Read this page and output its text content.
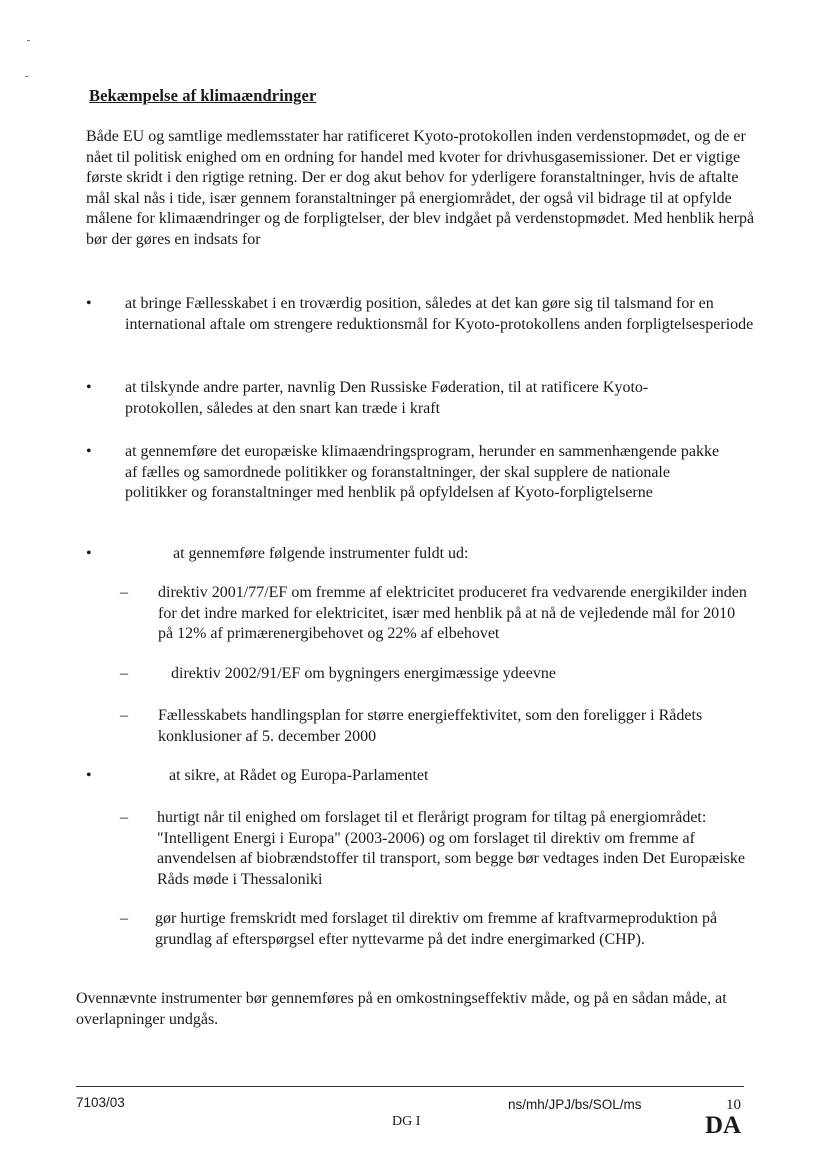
Bekæmpelse af klimaændringer

Både EU og samtlige medlemsstater har ratificeret Kyoto-protokollen inden verdenstopmødet, og de er nået til politisk enighed om en ordning for handel med kvoter for drivhusgasemissioner. Det er vigtige første skridt i den rigtige retning. Der er dog akut behov for yderligere foranstaltninger, hvis de aftalte mål skal nås i tide, især gennem foranstaltninger på energiområdet, der også vil bidrage til at opfylde målene for klimaændringer og de forpligtelser, der blev indgået på verdenstopmødet. Med henblik herpå bør der gøres en indsats for

• at bringe Fællesskabet i en troværdig position, således at det kan gøre sig til talsmand for en international aftale om strengere reduktionsmål for Kyoto-protokollens anden forpligtelsesperiode

• at tilskynde andre parter, navnlig Den Russiske Føderation, til at ratificere Kyoto-protokollen, således at den snart kan træde i kraft

• at gennemføre det europæiske klimaændringsprogram, herunder en sammenhængende pakke af fælles og samordnede politikker og foranstaltninger, der skal supplere de nationale politikker og foranstaltninger med henblik på opfyldelsen af Kyoto-forpligtelserne

•	at gennemføre følgende instrumenter fuldt ud:

– direktiv 2001/77/EF om fremme af elektricitet produceret fra vedvarende energikilder inden for det indre marked for elektricitet, især med henblik på at nå de vejledende mål for 2010 på 12% af primærenergibehovet og 22% af elbehovet

–	direktiv 2002/91/EF om bygningers energimæssige ydeevne

– Fællesskabets handlingsplan for større energieffektivitet, som den foreligger i Rådets konklusioner af 5. december 2000

•	at sikre, at Rådet og Europa-Parlamentet

– hurtigt når til enighed om forslaget til et flerårigt program for tiltag på energiområdet: "Intelligent Energi i Europa" (2003-2006) og om forslaget til direktiv om fremme af anvendelsen af biobrændstoffer til transport, som begge bør vedtages inden Det Europæiske Råds møde i Thessaloniki

– gør hurtige fremskridt med forslaget til direktiv om fremme af kraftvarmeproduktion på grundlag af efterspørgsel efter nyttevarme på det indre energimarked (CHP).

Ovennævnte instrumenter bør gennemføres på en omkostningseffektiv måde, og på en sådan måde, at overlapninger undgås.

7103/03
DG I
ns/mh/JPJ/bs/SOL/ms	10
DA
